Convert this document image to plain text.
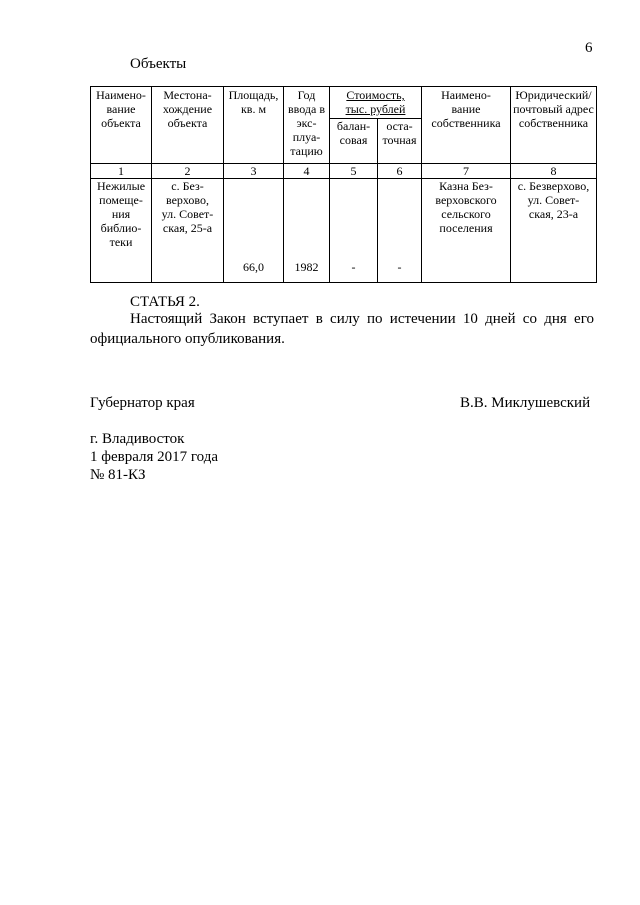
6
Объекты
Наимено-
вание
объекта	Местона-
хождение
объекта	Площадь,
кв. м	Год
ввода в
экс-
плуа-
тацию	Стоимость,
тыс. рублей		Наимено-
вание
собственника	Юридический/
почтовый адрес
собственника
				балан-
совая	оста-
точная		
1	2	3	4	5	6	7	8
Нежилые
помеще-
ния
библио-
теки	с. Без-
верхово,
ул. Совет-
ская, 25-а	66,0	1982	-	-	Казна Без-
верховского
сельского
поселения	с. Безверхово,
ул. Совет-
ская, 23-а
СТАТЬЯ 2.
Настоящий Закон вступает в силу по истечении 10 дней со дня его официального опубликования.
Губернатор края	В.В. Миклушевский
г. Владивосток
1 февраля 2017 года
№ 81-КЗ
